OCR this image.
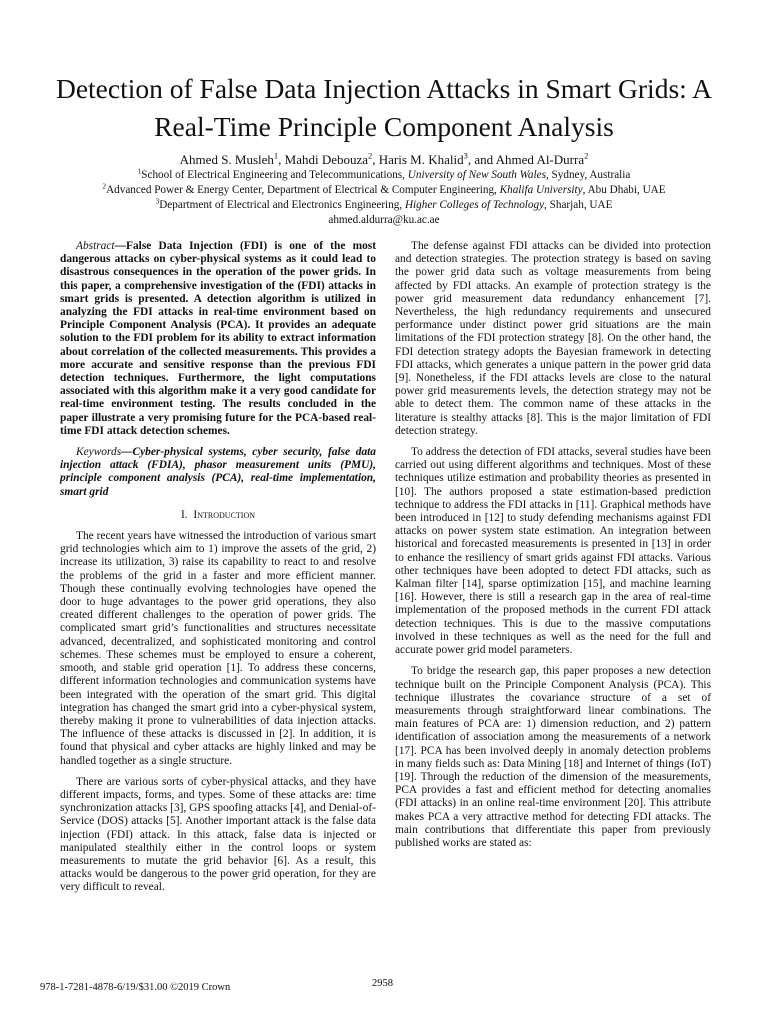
Detection of False Data Injection Attacks in Smart Grids: A Real-Time Principle Component Analysis
Ahmed S. Musleh$^1$, Mahdi Debouza$^2$, Haris M. Khalid$^3$, and Ahmed Al-Durra$^2$
$^1$School of Electrical Engineering and Telecommunications, University of New South Wales, Sydney, Australia
$^2$Advanced Power & Energy Center, Department of Electrical & Computer Engineering, Khalifa University, Abu Dhabi, UAE
$^3$Department of Electrical and Electronics Engineering, Higher Colleges of Technology, Sharjah, UAE
ahmed.aldurra@ku.ac.ae

Abstract—False Data Injection (FDI) is one of the most dangerous attacks on cyber-physical systems as it could lead to disastrous consequences in the operation of the power grids. In this paper, a comprehensive investigation of the (FDI) attacks in smart grids is presented. A detection algorithm is utilized in analyzing the FDI attacks in real-time environment based on Principle Component Analysis (PCA). It provides an adequate solution to the FDI problem for its ability to extract information about correlation of the collected measurements. This provides a more accurate and sensitive response than the previous FDI detection techniques. Furthermore, the light computations associated with this algorithm make it a very good candidate for real-time environment testing. The results concluded in the paper illustrate a very promising future for the PCA-based real-time FDI attack detection schemes.

Keywords—Cyber-physical systems, cyber security, false data injection attack (FDIA), phasor measurement units (PMU), principle component analysis (PCA), real-time implementation, smart grid

I. Introduction

The recent years have witnessed the introduction of various smart grid technologies which aim to 1) improve the assets of the grid, 2) increase its utilization, 3) raise its capability to react to and resolve the problems of the grid in a faster and more efficient manner. Though these continually evolving technologies have opened the door to huge advantages to the power grid operations, they also created different challenges to the operation of power grids. The complicated smart grid’s functionalities and structures necessitate advanced, decentralized, and sophisticated monitoring and control schemes. These schemes must be employed to ensure a coherent, smooth, and stable grid operation [1]. To address these concerns, different information technologies and communication systems have been integrated with the operation of the smart grid. This digital integration has changed the smart grid into a cyber-physical system, thereby making it prone to vulnerabilities of data injection attacks. The influence of these attacks is discussed in [2]. In addition, it is found that physical and cyber attacks are highly linked and may be handled together as a single structure.

There are various sorts of cyber-physical attacks, and they have different impacts, forms, and types. Some of these attacks are: time synchronization attacks [3], GPS spoofing attacks [4], and Denial-of-Service (DOS) attacks [5]. Another important attack is the false data injection (FDI) attack. In this attack, false data is injected or manipulated stealthily either in the control loops or system measurements to mutate the grid behavior [6]. As a result, this attacks would be dangerous to the power grid operation, for they are very difficult to reveal.

The defense against FDI attacks can be divided into protection and detection strategies. The protection strategy is based on saving the power grid data such as voltage measurements from being affected by FDI attacks. An example of protection strategy is the power grid measurement data redundancy enhancement [7]. Nevertheless, the high redundancy requirements and unsecured performance under distinct power grid situations are the main limitations of the FDI protection strategy [8]. On the other hand, the FDI detection strategy adopts the Bayesian framework in detecting FDI attacks, which generates a unique pattern in the power grid data [9]. Nonetheless, if the FDI attacks levels are close to the natural power grid measurements levels, the detection strategy may not be able to detect them. The common name of these attacks in the literature is stealthy attacks [8]. This is the major limitation of FDI detection strategy.

To address the detection of FDI attacks, several studies have been carried out using different algorithms and techniques. Most of these techniques utilize estimation and probability theories as presented in [10]. The authors proposed a state estimation-based prediction technique to address the FDI attacks in [11]. Graphical methods have been introduced in [12] to study defending mechanisms against FDI attacks on power system state estimation. An integration between historical and forecasted measurements is presented in [13] in order to enhance the resiliency of smart grids against FDI attacks. Various other techniques have been adopted to detect FDI attacks, such as Kalman filter [14], sparse optimization [15], and machine learning [16]. However, there is still a research gap in the area of real-time implementation of the proposed methods in the current FDI attack detection techniques. This is due to the massive computations involved in these techniques as well as the need for the full and accurate power grid model parameters.

To bridge the research gap, this paper proposes a new detection technique built on the Principle Component Analysis (PCA). This technique illustrates the covariance structure of a set of measurements through straightforward linear combinations. The main features of PCA are: 1) dimension reduction, and 2) pattern identification of association among the measurements of a network [17]. PCA has been involved deeply in anomaly detection problems in many fields such as: Data Mining [18] and Internet of things (IoT) [19]. Through the reduction of the dimension of the measurements, PCA provides a fast and efficient method for detecting anomalies (FDI attacks) in an online real-time environment [20]. This attribute makes PCA a very attractive method for detecting FDI attacks. The main contributions that differentiate this paper from previously published works are stated as:

978-1-7281-4878-6/19/$31.00 ©2019 Crown	2958
